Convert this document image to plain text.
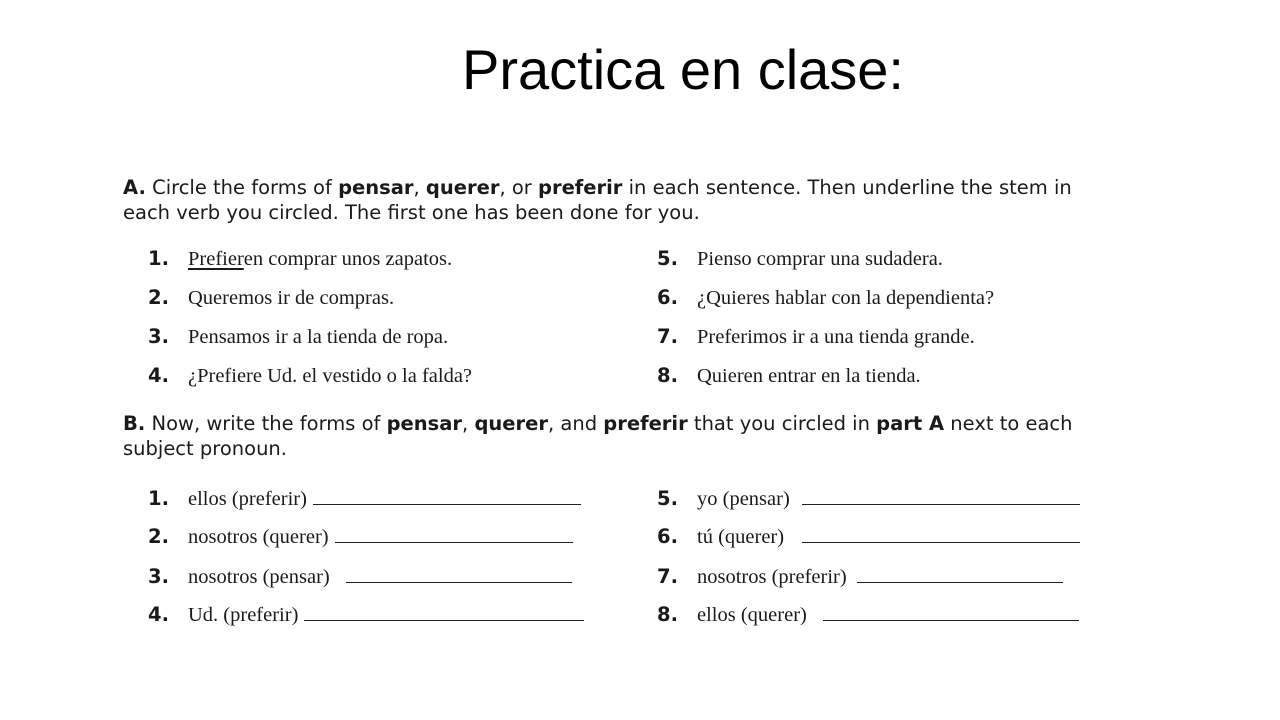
Practica en clase:

A. Circle the forms of pensar, querer, or preferir in each sentence. Then underline the stem in each verb you circled. The first one has been done for you.

1. Prefieren comprar unos zapatos.
2. Queremos ir de compras.
3. Pensamos ir a la tienda de ropa.
4. ¿Prefiere Ud. el vestido o la falda?
5. Pienso comprar una sudadera.
6. ¿Quieres hablar con la dependienta?
7. Preferimos ir a una tienda grande.
8. Quieren entrar en la tienda.

B. Now, write the forms of pensar, querer, and preferir that you circled in part A next to each subject pronoun.

1. ellos (preferir)
2. nosotros (querer)
3. nosotros (pensar)
4. Ud. (preferir)
5. yo (pensar)
6. tú (querer)
7. nosotros (preferir)
8. ellos (querer)
